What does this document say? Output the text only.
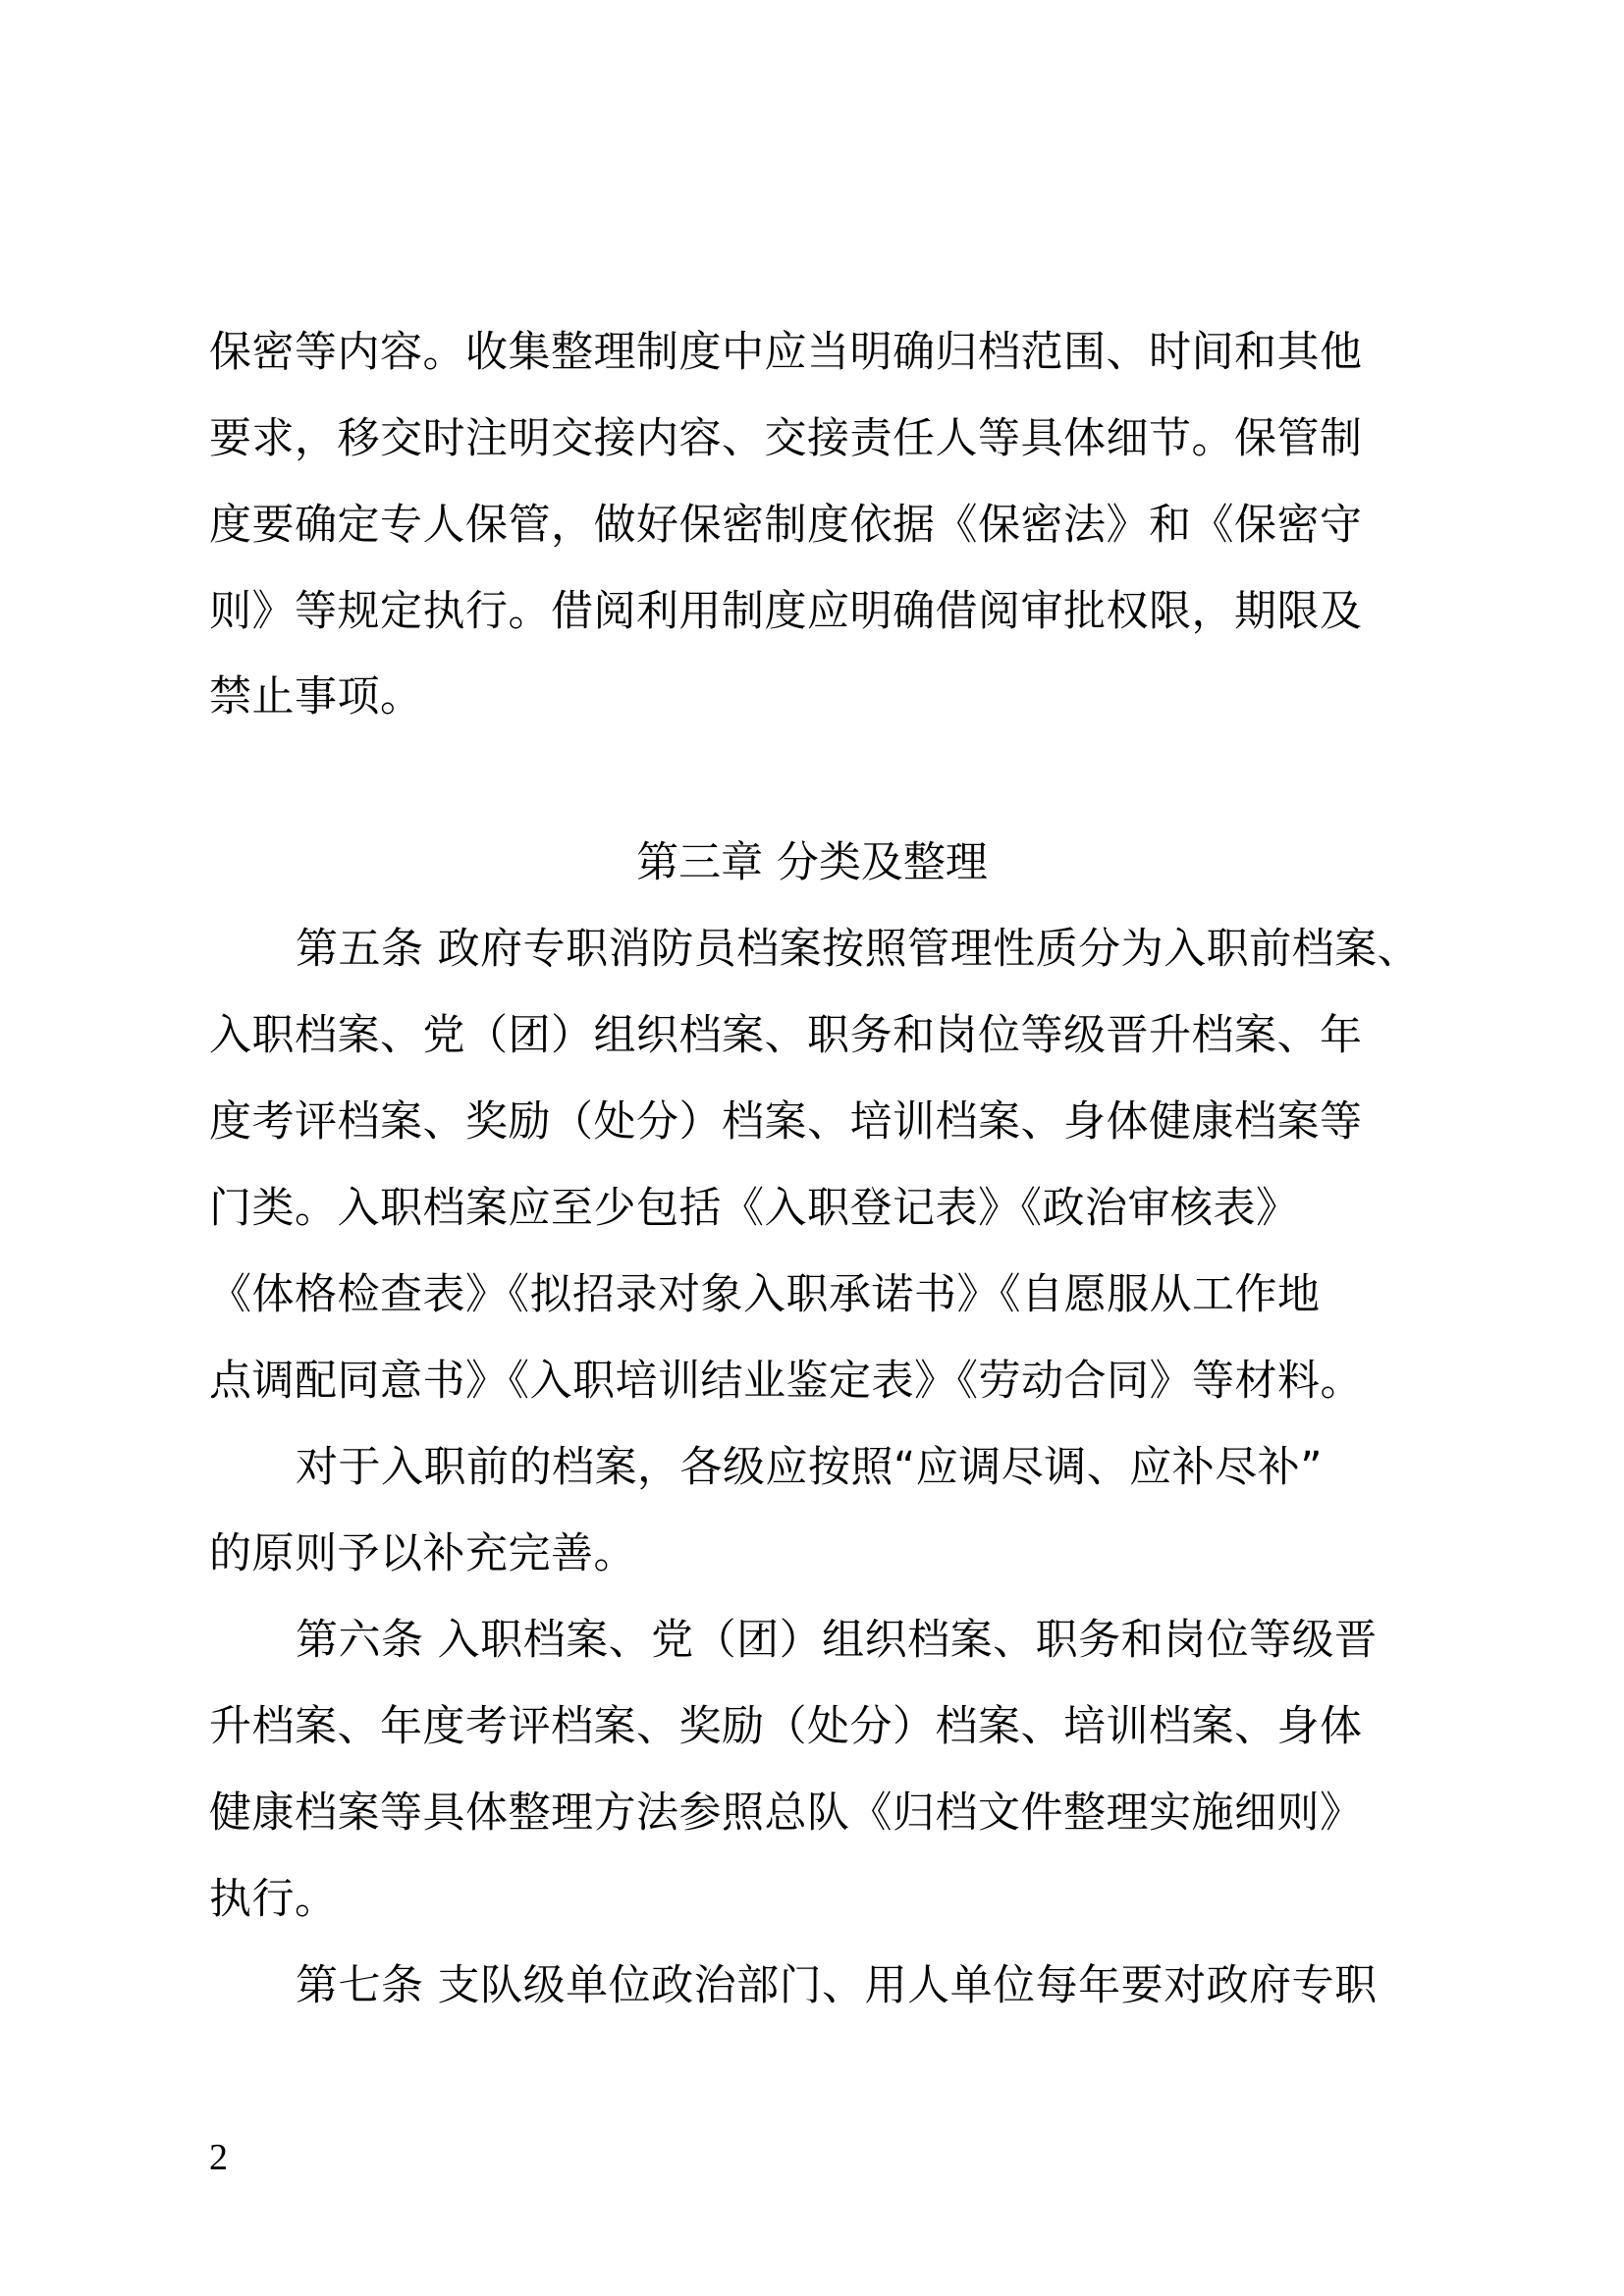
保密等内容。收集整理制度中应当明确归档范围、时间和其他
要求，移交时注明交接内容、交接责任人等具体细节。保管制
度要确定专人保管，做好保密制度依据《保密法》和《保密守
则》等规定执行。借阅利用制度应明确借阅审批权限，期限及
禁止事项。
第三章 分类及整理
第五条 政府专职消防员档案按照管理性质分为入职前档案、
入职档案、党（团）组织档案、职务和岗位等级晋升档案、年
度考评档案、奖励（处分）档案、培训档案、身体健康档案等
门类。入职档案应至少包括《入职登记表》《政治审核表》
《体格检查表》《拟招录对象入职承诺书》《自愿服从工作地
点调配同意书》《入职培训结业鉴定表》《劳动合同》等材料。
对于入职前的档案，各级应按照“应调尽调、应补尽补”
的原则予以补充完善。
第六条 入职档案、党（团）组织档案、职务和岗位等级晋
升档案、年度考评档案、奖励（处分）档案、培训档案、身体
健康档案等具体整理方法参照总队《归档文件整理实施细则》
执行。
第七条 支队级单位政治部门、用人单位每年要对政府专职
2
